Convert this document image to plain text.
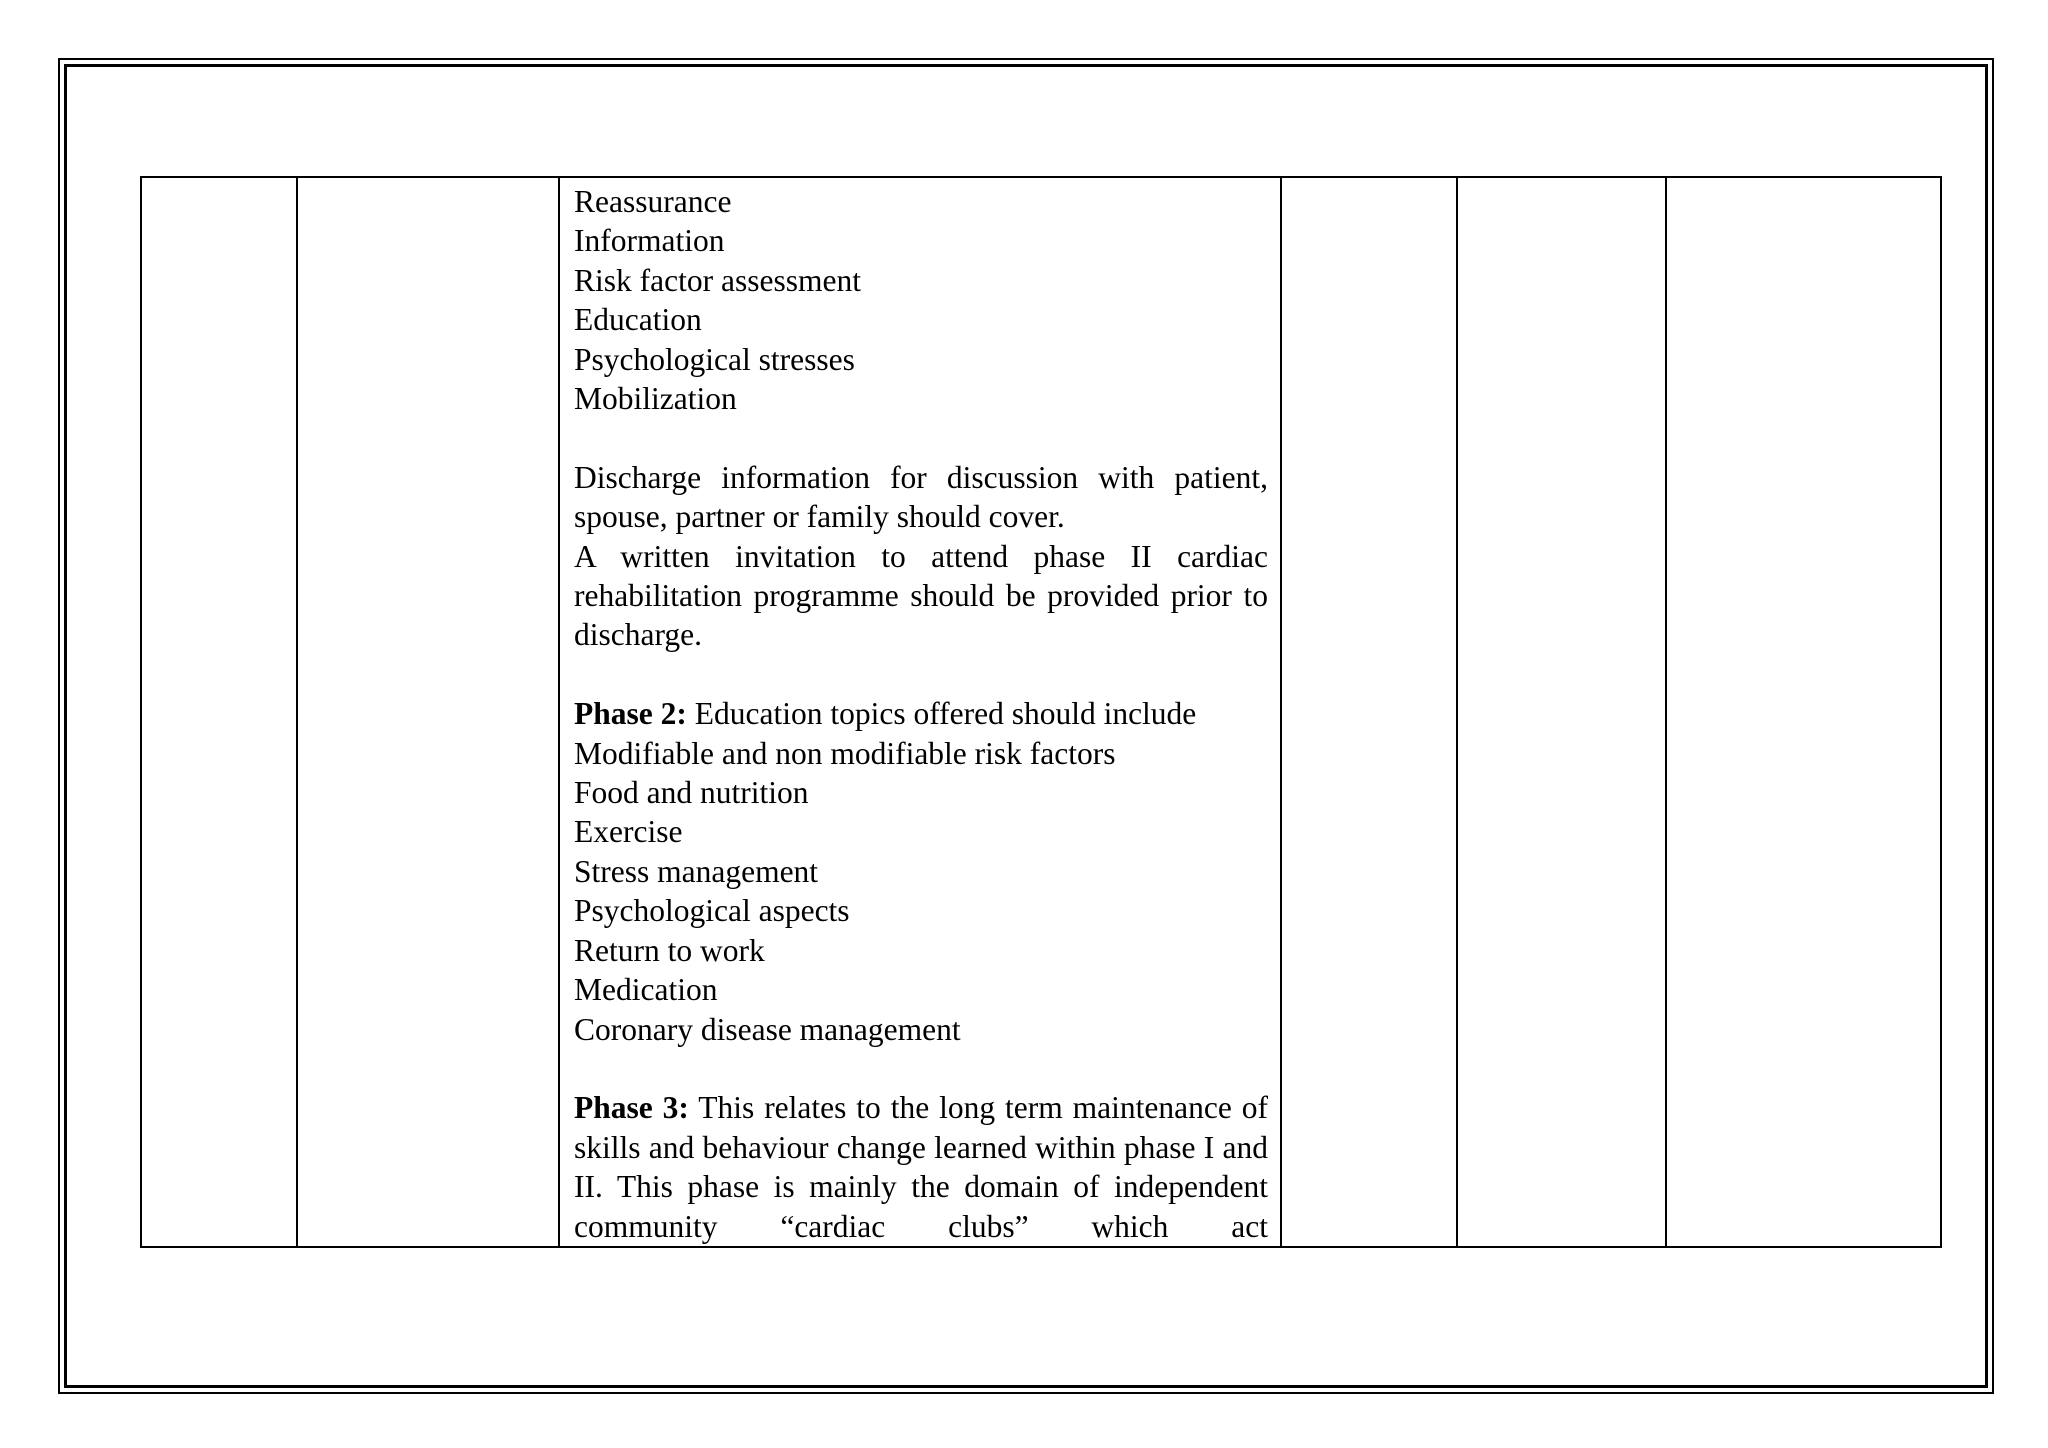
Reassurance
Information
Risk factor assessment
Education
Psychological stresses
Mobilization
Discharge information for discussion with patient, spouse, partner or family should cover.
A written invitation to attend phase II cardiac rehabilitation programme should be provided prior to discharge.
Phase 2: Education topics offered should include
Modifiable and non modifiable risk factors
Food and nutrition
Exercise
Stress management
Psychological aspects
Return to work
Medication
Coronary disease management
Phase 3: This relates to the long term maintenance of skills and behaviour change learned within phase I and II. This phase is mainly the domain of independent community “cardiac clubs” which act
